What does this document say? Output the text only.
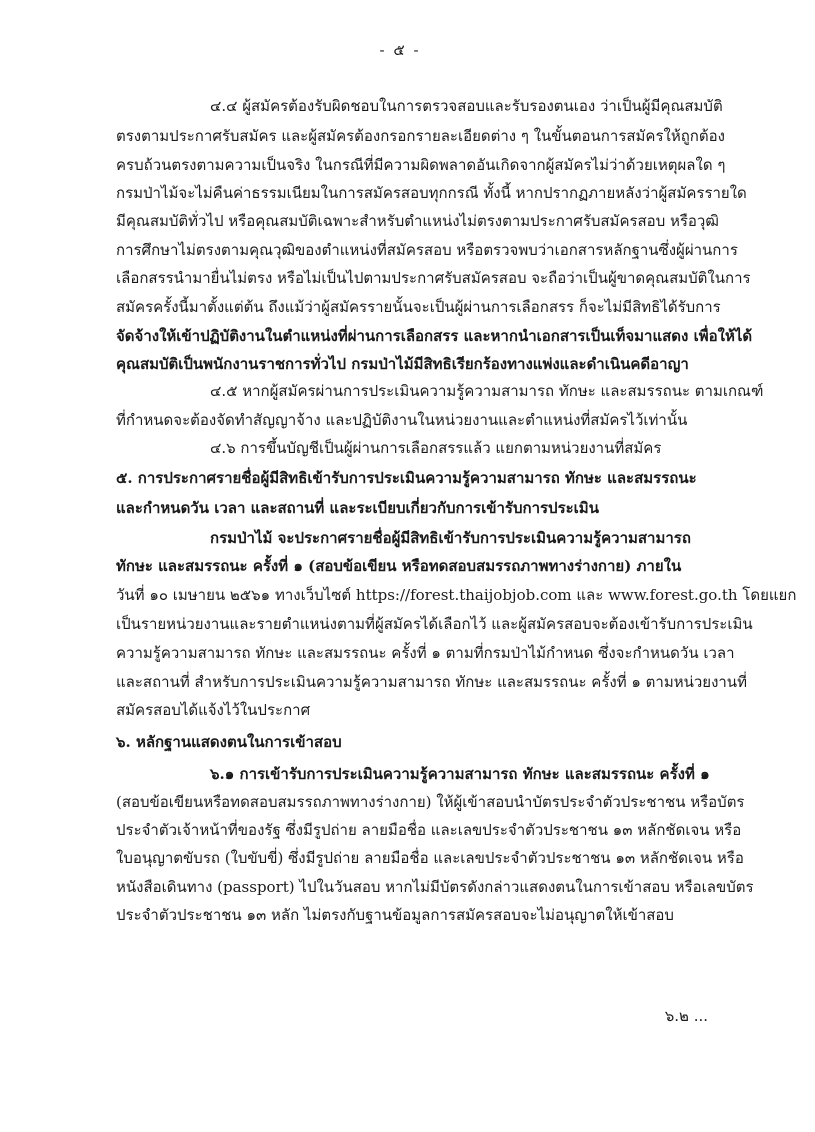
- ๕ -
๔.๔ ผู้สมัครต้องรับผิดชอบในการตรวจสอบและรับรองตนเอง ว่าเป็นผู้มีคุณสมบัติ
ตรงตามประกาศรับสมัคร และผู้สมัครต้องกรอกรายละเอียดต่าง ๆ ในขั้นตอนการสมัครให้ถูกต้อง
ครบถ้วนตรงตามความเป็นจริง ในกรณีที่มีความผิดพลาดอันเกิดจากผู้สมัครไม่ว่าด้วยเหตุผลใด ๆ
กรมป่าไม้จะไม่คืนค่าธรรมเนียมในการสมัครสอบทุกกรณี ทั้งนี้ หากปรากฏภายหลังว่าผู้สมัครรายใด
มีคุณสมบัติทั่วไป หรือคุณสมบัติเฉพาะสำหรับตำแหน่งไม่ตรงตามประกาศรับสมัครสอบ หรือวุฒิ
การศึกษาไม่ตรงตามคุณวุฒิของตำแหน่งที่สมัครสอบ หรือตรวจพบว่าเอกสารหลักฐานซึ่งผู้ผ่านการ
เลือกสรรนำมายื่นไม่ตรง หรือไม่เป็นไปตามประกาศรับสมัครสอบ จะถือว่าเป็นผู้ขาดคุณสมบัติในการ
สมัครครั้งนี้มาตั้งแต่ต้น ถึงแม้ว่าผู้สมัครรายนั้นจะเป็นผู้ผ่านการเลือกสรร ก็จะไม่มีสิทธิได้รับการ
จัดจ้างให้เข้าปฏิบัติงานในตำแหน่งที่ผ่านการเลือกสรร และหากนำเอกสารเป็นเท็จมาแสดง เพื่อให้ได้
คุณสมบัติเป็นพนักงานราชการทั่วไป กรมป่าไม้มีสิทธิเรียกร้องทางแพ่งและดำเนินคดีอาญา
๔.๕ หากผู้สมัครผ่านการประเมินความรู้ความสามารถ ทักษะ และสมรรถนะ ตามเกณฑ์
ที่กำหนดจะต้องจัดทำสัญญาจ้าง และปฏิบัติงานในหน่วยงานและตำแหน่งที่สมัครไว้เท่านั้น
๔.๖ การขึ้นบัญชีเป็นผู้ผ่านการเลือกสรรแล้ว แยกตามหน่วยงานที่สมัคร
๕. การประกาศรายชื่อผู้มีสิทธิเข้ารับการประเมินความรู้ความสามารถ ทักษะ และสมรรถนะ
และกำหนดวัน เวลา และสถานที่ และระเบียบเกี่ยวกับการเข้ารับการประเมิน
กรมป่าไม้ จะประกาศรายชื่อผู้มีสิทธิเข้ารับการประเมินความรู้ความสามารถ
ทักษะ และสมรรถนะ ครั้งที่ ๑ (สอบข้อเขียน หรือทดสอบสมรรถภาพทางร่างกาย) ภายใน
วันที่ ๑๐ เมษายน ๒๕๖๑ ทางเว็บไซต์ https://forest.thaijobjob.com และ www.forest.go.th โดยแยก
เป็นรายหน่วยงานและรายตำแหน่งตามที่ผู้สมัครได้เลือกไว้ และผู้สมัครสอบจะต้องเข้ารับการประเมิน
ความรู้ความสามารถ ทักษะ และสมรรถนะ ครั้งที่ ๑ ตามที่กรมป่าไม้กำหนด ซึ่งจะกำหนดวัน เวลา
และสถานที่ สำหรับการประเมินความรู้ความสามารถ ทักษะ และสมรรถนะ ครั้งที่ ๑ ตามหน่วยงานที่
สมัครสอบได้แจ้งไว้ในประกาศ
๖. หลักฐานแสดงตนในการเข้าสอบ
๖.๑ การเข้ารับการประเมินความรู้ความสามารถ ทักษะ และสมรรถนะ ครั้งที่ ๑
(สอบข้อเขียนหรือทดสอบสมรรถภาพทางร่างกาย) ให้ผู้เข้าสอบนำบัตรประจำตัวประชาชน หรือบัตร
ประจำตัวเจ้าหน้าที่ของรัฐ ซึ่งมีรูปถ่าย ลายมือชื่อ และเลขประจำตัวประชาชน ๑๓ หลักชัดเจน หรือ
ใบอนุญาตขับรถ (ใบขับขี่) ซึ่งมีรูปถ่าย ลายมือชื่อ และเลขประจำตัวประชาชน ๑๓ หลักชัดเจน หรือ
หนังสือเดินทาง (passport) ไปในวันสอบ หากไม่มีบัตรดังกล่าวแสดงตนในการเข้าสอบ หรือเลขบัตร
ประจำตัวประชาชน ๑๓ หลัก ไม่ตรงกับฐานข้อมูลการสมัครสอบจะไม่อนุญาตให้เข้าสอบ
๖.๒ ...
